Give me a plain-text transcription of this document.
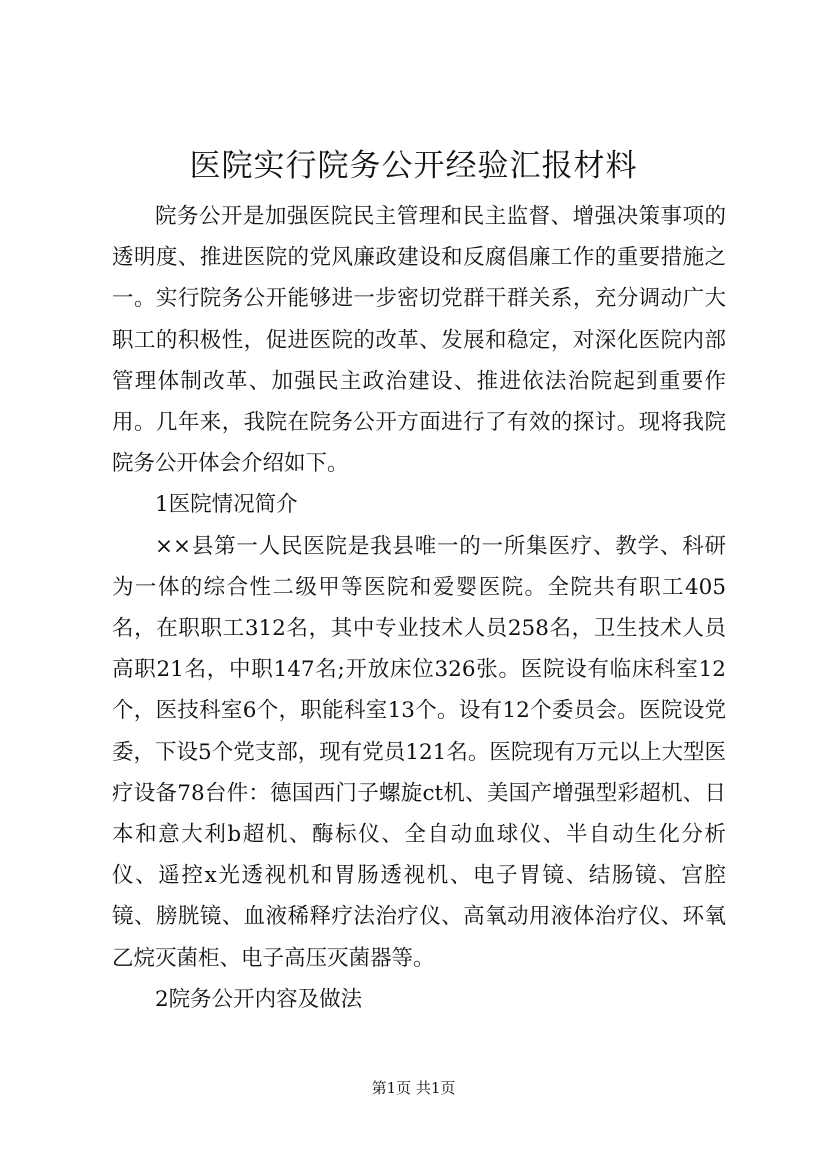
医院实行院务公开经验汇报材料

院务公开是加强医院民主管理和民主监督、增强决策事项的透明度、推进医院的党风廉政建设和反腐倡廉工作的重要措施之一。实行院务公开能够进一步密切党群干群关系，充分调动广大职工的积极性，促进医院的改革、发展和稳定，对深化医院内部管理体制改革、加强民主政治建设、推进依法治院起到重要作用。几年来，我院在院务公开方面进行了有效的探讨。现将我院院务公开体会介绍如下。

1医院情况简介

××县第一人民医院是我县唯一的一所集医疗、教学、科研为一体的综合性二级甲等医院和爱婴医院。全院共有职工405名，在职职工312名，其中专业技术人员258名，卫生技术人员高职21名，中职147名;开放床位326张。医院设有临床科室12个，医技科室6个，职能科室13个。设有12个委员会。医院设党委，下设5个党支部，现有党员121名。医院现有万元以上大型医疗设备78台件：德国西门子螺旋ct机、美国产增强型彩超机、日本和意大利b超机、酶标仪、全自动血球仪、半自动生化分析仪、遥控x光透视机和胃肠透视机、电子胃镜、结肠镜、宫腔镜、膀胱镜、血液稀释疗法治疗仪、高氧动用液体治疗仪、环氧乙烷灭菌柜、电子高压灭菌器等。

2院务公开内容及做法

第1页 共1页
